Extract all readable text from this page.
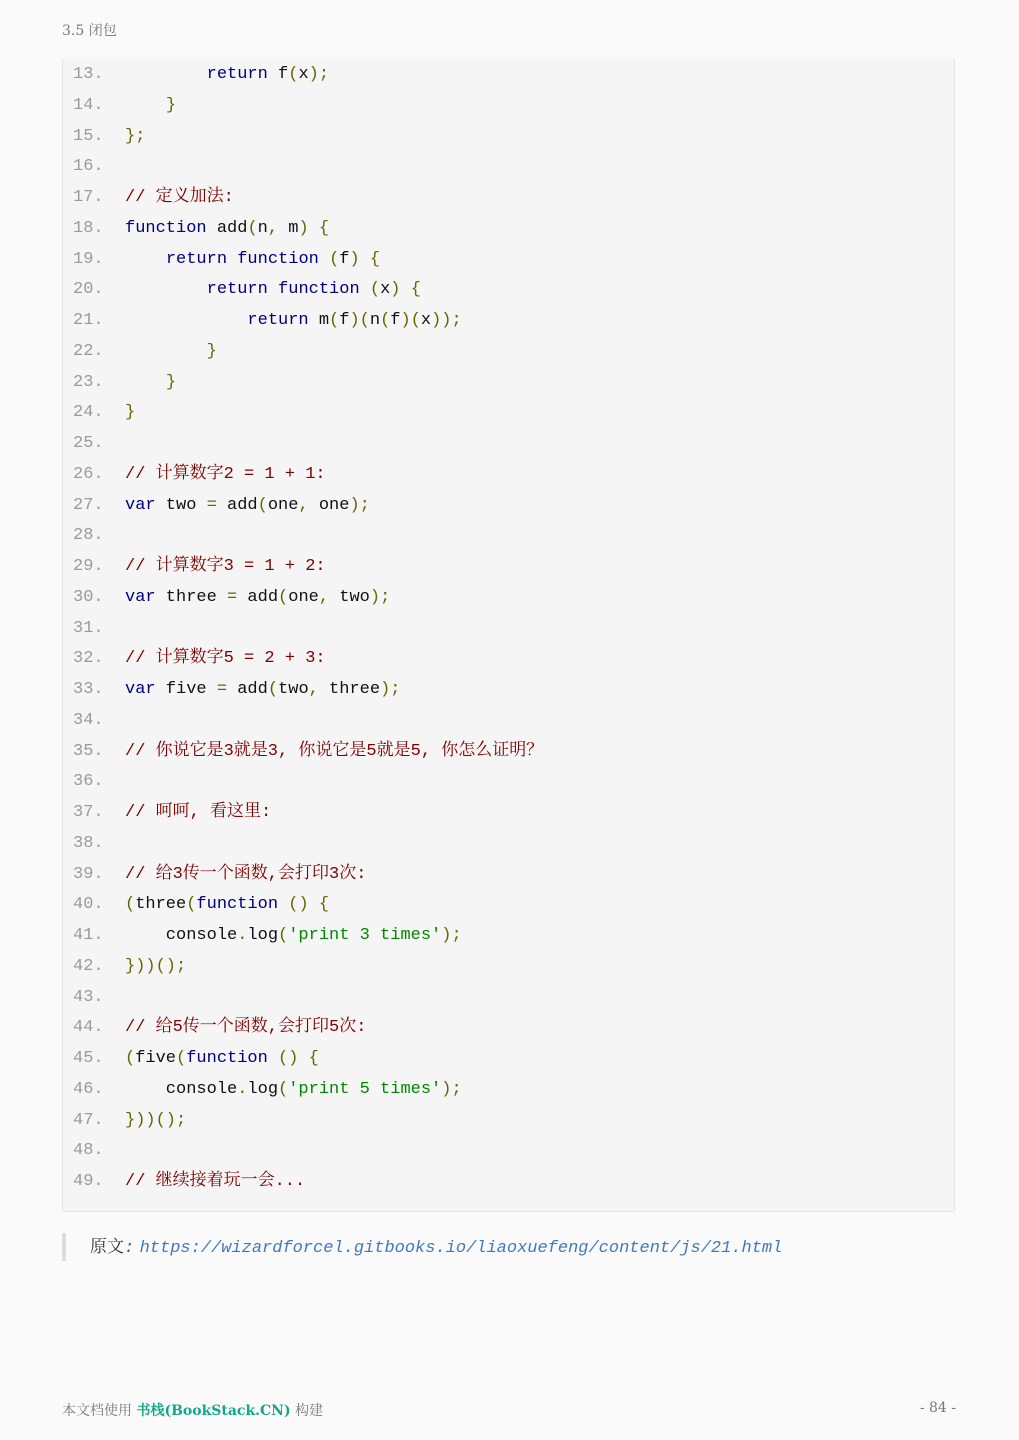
3.5 闭包
13.	return f(x);
14.	}
15.	};
16.
17.	// 定义加法:
18.	function add(n, m) {
19.	return function (f) {
20.	return function (x) {
21.	return m(f)(n(f)(x));
22.	}
23.	}
24.	}
25.
26.	// 计算数字2 = 1 + 1:
27.	var two = add(one, one);
28.
29.	// 计算数字3 = 1 + 2:
30.	var three = add(one, two);
31.
32.	// 计算数字5 = 2 + 3:
33.	var five = add(two, three);
34.
35.	// 你说它是3就是3, 你说它是5就是5, 你怎么证明？
36.
37.	// 呵呵, 看这里:
38.
39.	// 给3传一个函数,会打印3次:
40.	(three(function () {
41.	console.log('print 3 times');
42.	}))();
43.
44.	// 给5传一个函数,会打印5次:
45.	(five(function () {
46.	console.log('print 5 times');
47.	}))();
48.
49.	// 继续接着玩一会...
原文: https://wizardforcel.gitbooks.io/liaoxuefeng/content/js/21.html
本文档使用 书栈(BookStack.CN) 构建	- 84 -
